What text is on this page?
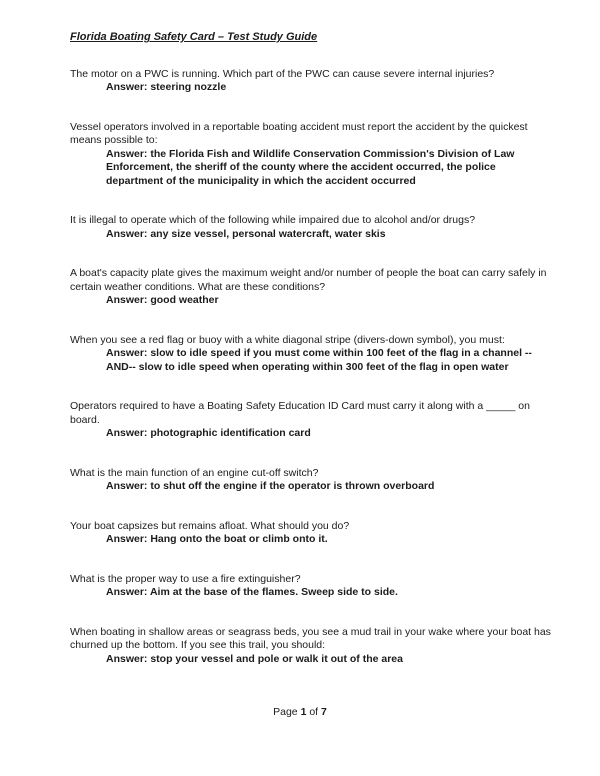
Florida Boating Safety Card – Test Study Guide

The motor on a PWC is running. Which part of the PWC can cause severe internal injuries?

Answer: steering nozzle

Vessel operators involved in a reportable boating accident must report the accident by the quickest means possible to:

Answer: the Florida Fish and Wildlife Conservation Commission's Division of Law Enforcement, the sheriff of the county where the accident occurred, the police department of the municipality in which the accident occurred

It is illegal to operate which of the following while impaired due to alcohol and/or drugs?

Answer: any size vessel, personal watercraft, water skis

A boat's capacity plate gives the maximum weight and/or number of people the boat can carry safely in certain weather conditions. What are these conditions?

Answer: good weather

When you see a red flag or buoy with a white diagonal stripe (divers-down symbol), you must:

Answer: slow to idle speed if you must come within 100 feet of the flag in a channel --AND-- slow to idle speed when operating within 300 feet of the flag in open water

Operators required to have a Boating Safety Education ID Card must carry it along with a _____ on board.

Answer: photographic identification card

What is the main function of an engine cut-off switch?

Answer: to shut off the engine if the operator is thrown overboard

Your boat capsizes but remains afloat. What should you do?

Answer: Hang onto the boat or climb onto it.

What is the proper way to use a fire extinguisher?

Answer: Aim at the base of the flames. Sweep side to side.

When boating in shallow areas or seagrass beds, you see a mud trail in your wake where your boat has churned up the bottom. If you see this trail, you should:

Answer: stop your vessel and pole or walk it out of the area

Page 1 of 7
